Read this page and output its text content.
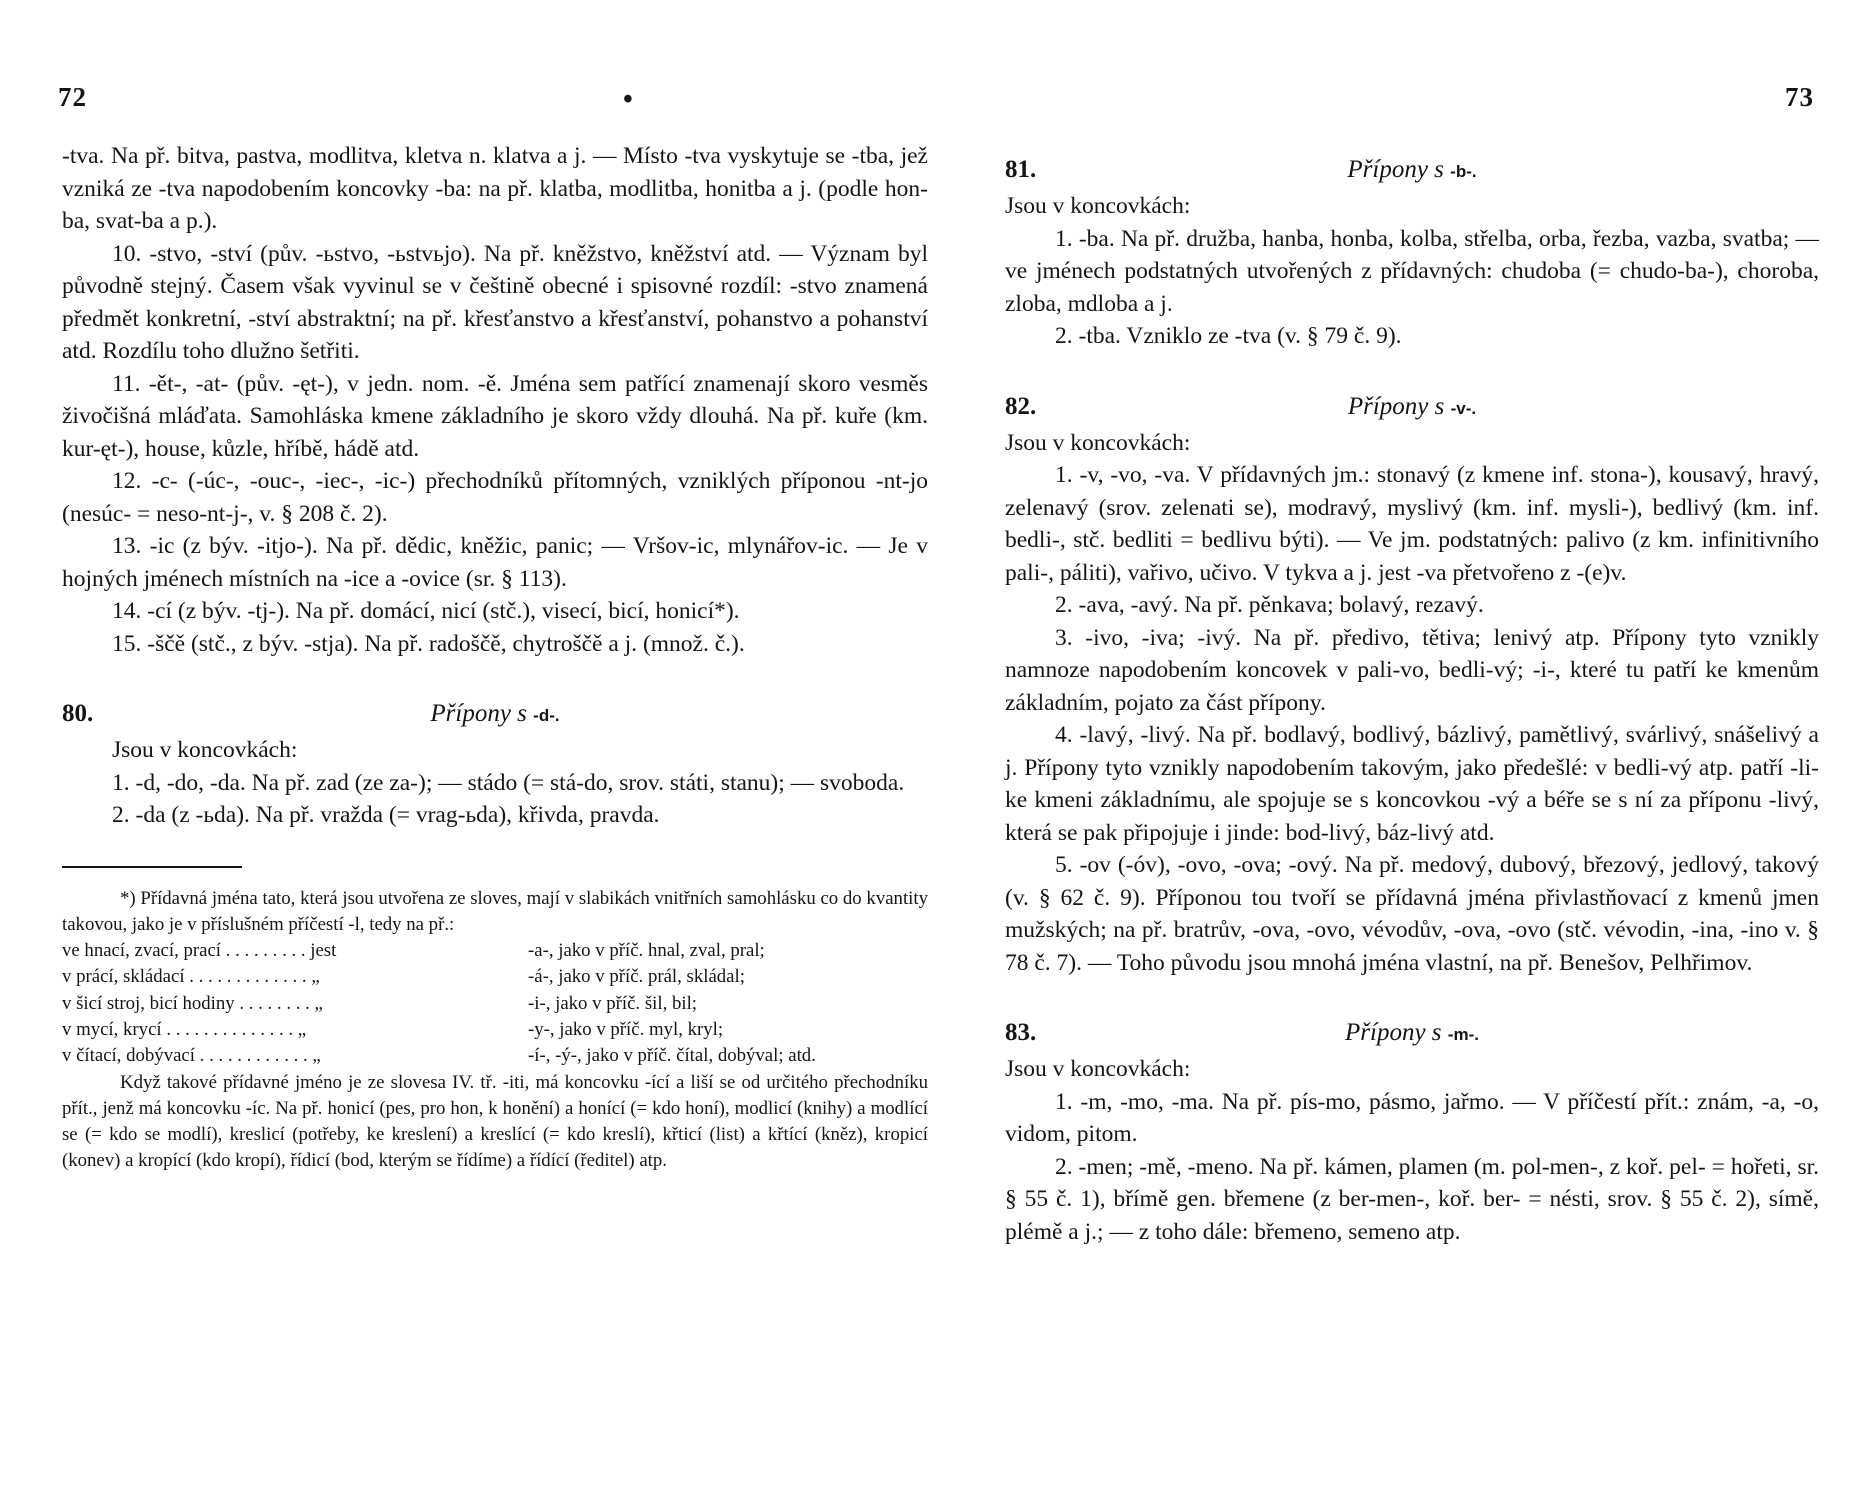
72	•	73

-tva. Na př. bitva, pastva, modlitva, kletva n. klatva a j. — Místo -tva vyskytuje se -tba, jež vzniká ze -tva napodobením koncovky -ba: na př. klatba, modlitba, honitba a j. (podle hon-ba, svat-ba a p.).

10. -stvo, -ství (pův. -ьstvo, -ьstvьjo). Na př. kněžstvo, kněžství atd. — Význam byl původně stejný. Časem však vyvinul se v češtině obecné i spisovné rozdíl: -stvo znamená předmět konkretní, -ství abstraktní; na př. křesťanstvo a křesťanství, pohanstvo a pohanství atd. Rozdílu toho dlužno šetřiti.

11. -ět-, -at- (pův. -ęt-), v jedn. nom. -ě. Jména sem patřící znamenají skoro vesměs živočišná mláďata. Samohláska kmene základního je skoro vždy dlouhá. Na př. kuře (km. kur-ęt-), house, kůzle, hříbě, hádě atd.

12. -c- (-úc-, -ouc-, -iec-, -ic-) přechodníků přítomných, vzniklých příponou -nt-jo (nesúc- = neso-nt-j-, v. § 208 č. 2).

13. -ic (z býv. -itjo-). Na př. dědic, kněžic, panic; — Vršov-ic, mlynářov-ic. — Je v hojných jménech místních na -ice a -ovice (sr. § 113).

14. -cí (z býv. -tj-). Na př. domácí, nicí (stč.), visecí, bicí, honicí*).

15. -ščě (stč., z býv. -stja). Na př. radoščě, chytroščě a j. (množ. č.).

80.	Přípony s -d-.

Jsou v koncovkách:

1. -d, -do, -da. Na př. zad (ze za-); — stádo (= stá-do, srov. státi, stanu); — svoboda.

2. -da (z -ьda). Na př. vražda (= vrag-ьda), křivda, pravda.

*) Přídavná jména tato, která jsou utvořena ze sloves, mají v slabikách vnitřních samohlásku co do kvantity takovou, jako je v příslušném příčestí -l, tedy na př.:

ve hnací, zvací, prací . . . . . . . . . jest	-a-, jako v příč. hnal, zval, pral;
v prácí, skládací . . . . . . . . . . . . . „	-á-, jako v příč. prál, skládal;
v šicí stroj, bicí hodiny . . . . . . . . „	-i-, jako v příč. šil, bil;
v mycí, krycí . . . . . . . . . . . . . . „	-y-, jako v příč. myl, kryl;
v čítací, dobývací . . . . . . . . . . . . „	-í-, -ý-, jako v příč. čítal, dobýval; atd.

Když takové přídavné jméno je ze slovesa IV. tř. -iti, má koncovku -ící a liší se od určitého přechodníku přít., jenž má koncovku -íc. Na př. honicí (pes, pro hon, k honění) a honící (= kdo honí), modlicí (knihy) a modlící se (= kdo se modlí), kreslicí (potřeby, ke kreslení) a kreslící (= kdo kreslí), křticí (list) a křtící (kněz), kropicí (konev) a kropící (kdo kropí), řídicí (bod, kterým se řídíme) a řídící (ředitel) atp.

81.	Přípony s -b-.

Jsou v koncovkách:

1. -ba. Na př. družba, hanba, honba, kolba, střelba, orba, řezba, vazba, svatba; — ve jménech podstatných utvořených z přídavných: chudoba (= chudo-ba-), choroba, zloba, mdloba a j.

2. -tba. Vzniklo ze -tva (v. § 79 č. 9).

82.	Přípony s -v-.

Jsou v koncovkách:

1. -v, -vo, -va. V přídavných jm.: stonavý (z kmene inf. stona-), kousavý, hravý, zelenavý (srov. zelenati se), modravý, myslivý (km. inf. mysli-), bedlivý (km. inf. bedli-, stč. bedliti = bedlivu býti). — Ve jm. podstatných: palivo (z km. infinitivního pali-, páliti), vařivo, učivo. V tykva a j. jest -va přetvořeno z -(e)v.

2. -ava, -avý. Na př. pěnkava; bolavý, rezavý.

3. -ivo, -iva; -ivý. Na př. předivo, tětiva; lenivý atp. Přípony tyto vznikly namnoze napodobením koncovek v pali-vo, bedli-vý; -i-, které tu patří ke kmenům základním, pojato za část přípony.

4. -lavý, -livý. Na př. bodlavý, bodlivý, bázlivý, pamětlivý, svárlivý, snášelivý a j. Přípony tyto vznikly napodobením takovým, jako předešlé: v bedli-vý atp. patří -li- ke kmeni základnímu, ale spojuje se s koncovkou -vý a béře se s ní za příponu -livý, která se pak připojuje i jinde: bod-livý, báz-livý atd.

5. -ov (-óv), -ovo, -ova; -ový. Na př. medový, dubový, březový, jedlový, takový (v. § 62 č. 9). Příponou tou tvoří se přídavná jména přivlastňovací z kmenů jmen mužských; na př. bratrův, -ova, -ovo, vévodův, -ova, -ovo (stč. vévodin, -ina, -ino v. § 78 č. 7). — Toho původu jsou mnohá jména vlastní, na př. Benešov, Pelhřimov.

83.	Přípony s -m-.

Jsou v koncovkách:

1. -m, -mo, -ma. Na př. pís-mo, pásmo, jařmo. — V příčestí přít.: znám, -a, -o, vidom, pitom.

2. -men; -mě, -meno. Na př. kámen, plamen (m. pol-men-, z koř. pel- = hořeti, sr. § 55 č. 1), břímě gen. břemene (z ber-men-, koř. ber- = nésti, srov. § 55 č. 2), símě, plémě a j.; — z toho dále: břemeno, semeno atp.
